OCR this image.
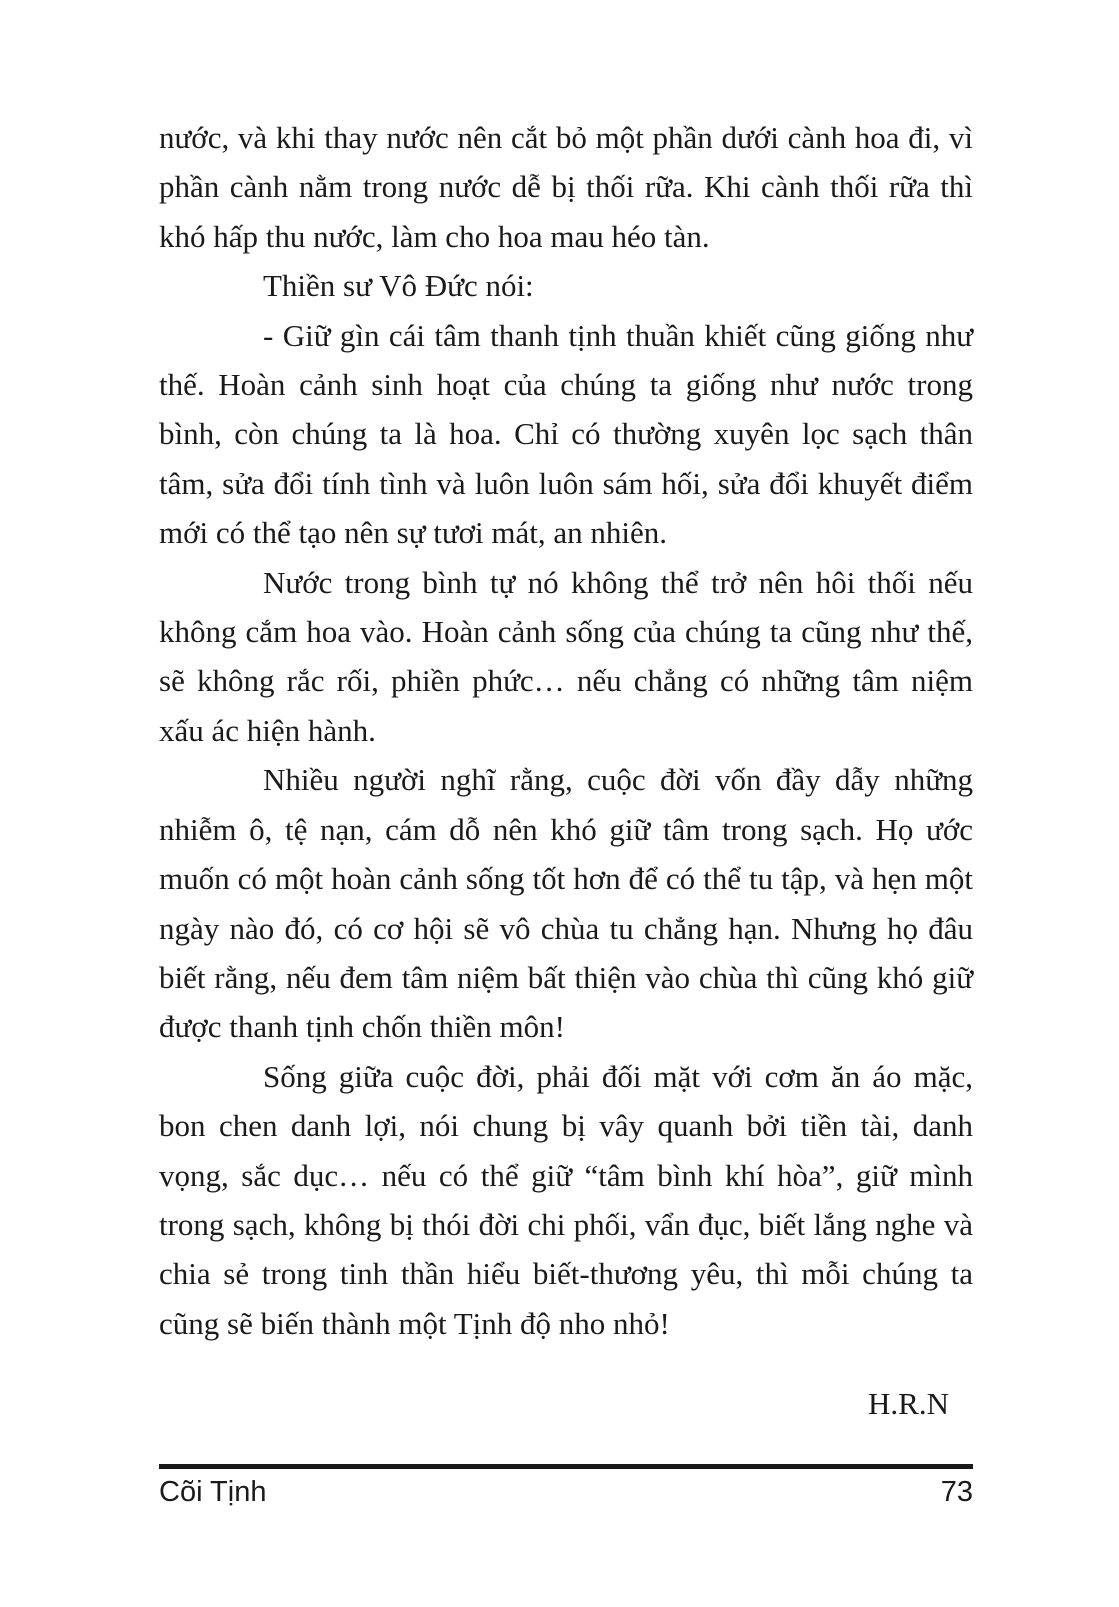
nước, và khi thay nước nên cắt bỏ một phần dưới cành hoa đi, vì phần cành nằm trong nước dễ bị thối rữa. Khi cành thối rữa thì khó hấp thu nước, làm cho hoa mau héo tàn.

Thiền sư Vô Đức nói:

- Giữ gìn cái tâm thanh tịnh thuần khiết cũng giống như thế. Hoàn cảnh sinh hoạt của chúng ta giống như nước trong bình, còn chúng ta là hoa. Chỉ có thường xuyên lọc sạch thân tâm, sửa đổi tính tình và luôn luôn sám hối, sửa đổi khuyết điểm mới có thể tạo nên sự tươi mát, an nhiên.

Nước trong bình tự nó không thể trở nên hôi thối nếu không cắm hoa vào. Hoàn cảnh sống của chúng ta cũng như thế, sẽ không rắc rối, phiền phức… nếu chẳng có những tâm niệm xấu ác hiện hành.

Nhiều người nghĩ rằng, cuộc đời vốn đầy dẫy những nhiễm ô, tệ nạn, cám dỗ nên khó giữ tâm trong sạch. Họ ước muốn có một hoàn cảnh sống tốt hơn để có thể tu tập, và hẹn một ngày nào đó, có cơ hội sẽ vô chùa tu chẳng hạn. Nhưng họ đâu biết rằng, nếu đem tâm niệm bất thiện vào chùa thì cũng khó giữ được thanh tịnh chốn thiền môn!

Sống giữa cuộc đời, phải đối mặt với cơm ăn áo mặc, bon chen danh lợi, nói chung bị vây quanh bởi tiền tài, danh vọng, sắc dục… nếu có thể giữ “tâm bình khí hòa”, giữ mình trong sạch, không bị thói đời chi phối, vẩn đục, biết lắng nghe và chia sẻ trong tinh thần hiểu biết-thương yêu, thì mỗi chúng ta cũng sẽ biến thành một Tịnh độ nho nhỏ!

H.R.N
Cõi Tịnh	73
